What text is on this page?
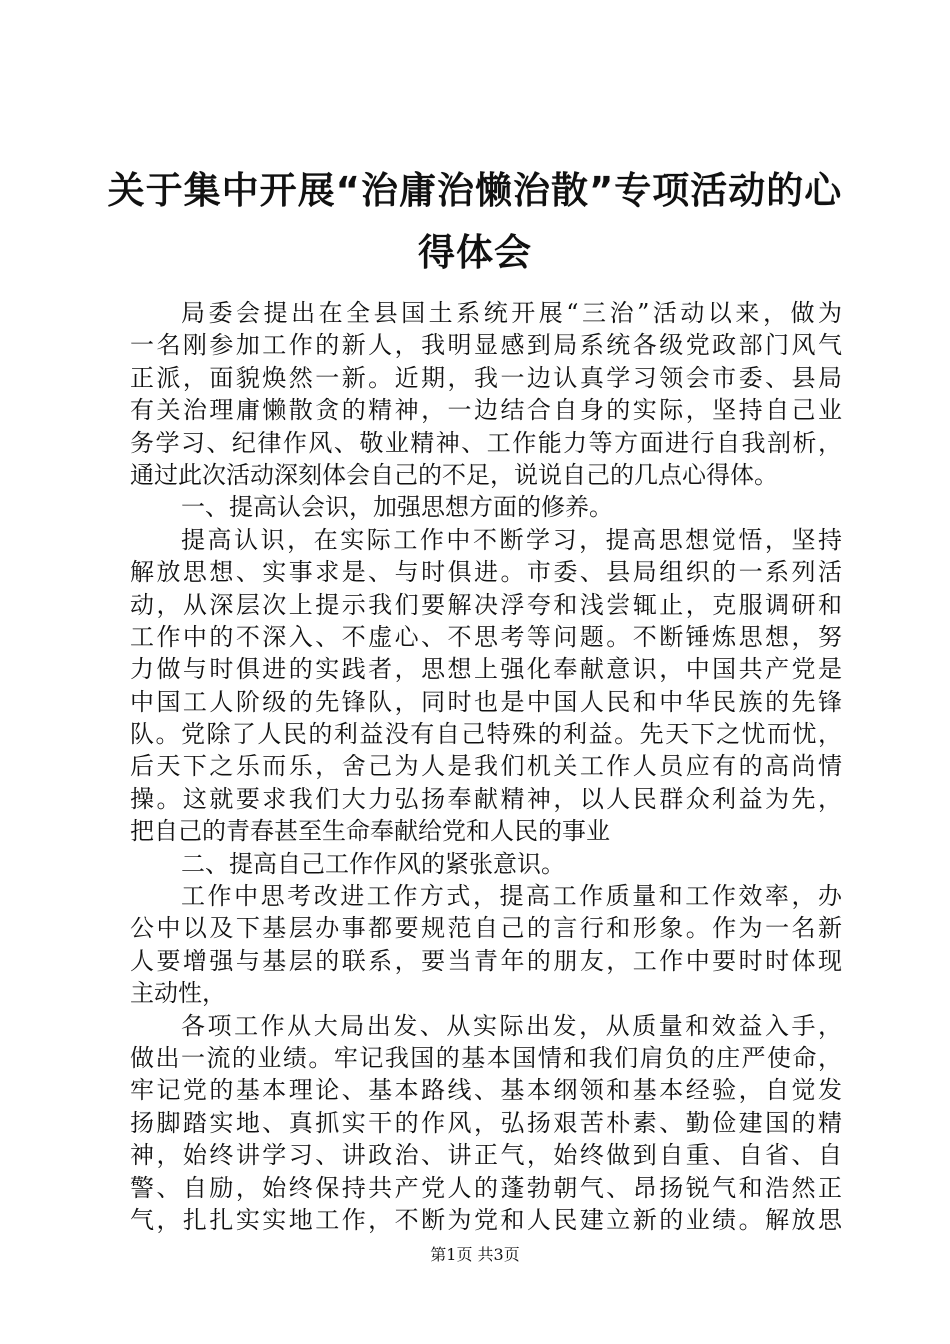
关于集中开展“治庸治懒治散”专项活动的心
得体会
局委会提出在全县国土系统开展“三治”活动以来，做为
一名刚参加工作的新人，我明显感到局系统各级党政部门风气
正派，面貌焕然一新。近期，我一边认真学习领会市委、县局
有关治理庸懒散贪的精神，一边结合自身的实际，坚持自己业
务学习、纪律作风、敬业精神、工作能力等方面进行自我剖析，
通过此次活动深刻体会自己的不足，说说自己的几点心得体。
一、提高认会识，加强思想方面的修养。
提高认识，在实际工作中不断学习，提高思想觉悟，坚持
解放思想、实事求是、与时俱进。市委、县局组织的一系列活
动，从深层次上提示我们要解决浮夸和浅尝辄止，克服调研和
工作中的不深入、不虚心、不思考等问题。不断锤炼思想，努
力做与时俱进的实践者，思想上强化奉献意识，中国共产党是
中国工人阶级的先锋队，同时也是中国人民和中华民族的先锋
队。党除了人民的利益没有自己特殊的利益。先天下之忧而忧，
后天下之乐而乐，舍己为人是我们机关工作人员应有的高尚情
操。这就要求我们大力弘扬奉献精神，以人民群众利益为先，
把自己的青春甚至生命奉献给党和人民的事业
二、提高自己工作作风的紧张意识。
工作中思考改进工作方式，提高工作质量和工作效率，办
公中以及下基层办事都要规范自己的言行和形象。作为一名新
人要增强与基层的联系，要当青年的朋友，工作中要时时体现
主动性，
各项工作从大局出发、从实际出发，从质量和效益入手，
做出一流的业绩。牢记我国的基本国情和我们肩负的庄严使命，
牢记党的基本理论、基本路线、基本纲领和基本经验，自觉发
扬脚踏实地、真抓实干的作风，弘扬艰苦朴素、勤俭建国的精
神，始终讲学习、讲政治、讲正气，始终做到自重、自省、自
警、自励，始终保持共产党人的蓬勃朝气、昂扬锐气和浩然正
气，扎扎实实地工作，不断为党和人民建立新的业绩。解放思
第1页 共3页
